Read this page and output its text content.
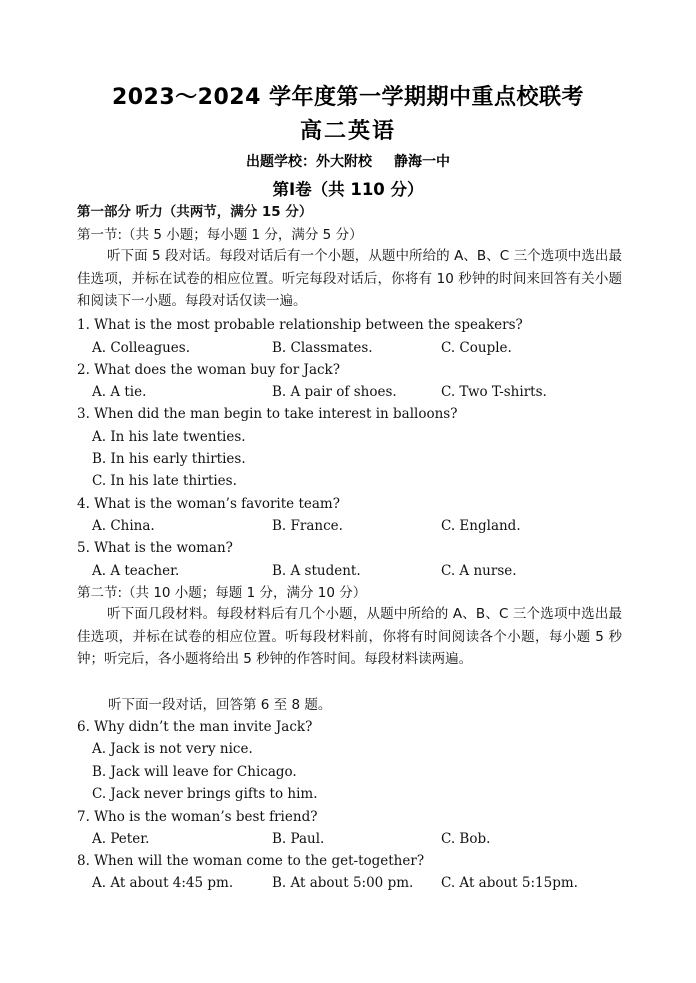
2023～2024 学年度第一学期期中重点校联考
高二英语
出题学校：外大附校 静海一中
第Ⅰ卷（共 110 分）
第一部分 听力（共两节，满分 15 分）
第一节:（共 5 小题；每小题 1 分，满分 5 分）
听下面 5 段对话。每段对话后有一个小题，从题中所给的 A、B、C 三个选项中选出最佳选项，并标在试卷的相应位置。听完每段对话后，你将有 10 秒钟的时间来回答有关小题和阅读下一小题。每段对话仅读一遍。
1. What is the most probable relationship between the speakers?
A. Colleagues.	B. Classmates.	C. Couple.
2. What does the woman buy for Jack?
A. A tie.	B. A pair of shoes.	C. Two T-shirts.
3. When did the man begin to take interest in balloons?
A. In his late twenties.
B. In his early thirties.
C. In his late thirties.
4. What is the woman’s favorite team?
A. China.	B. France.	C. England.
5. What is the woman?
A. A teacher.	B. A student.	C. A nurse.
第二节:（共 10 小题；每题 1 分，满分 10 分）
听下面几段材料。每段材料后有几个小题，从题中所给的 A、B、C 三个选项中选出最佳选项，并标在试卷的相应位置。听每段材料前，你将有时间阅读各个小题，每小题 5 秒钟；听完后，各小题将给出 5 秒钟的作答时间。每段材料读两遍。
听下面一段对话，回答第 6 至 8 题。
6. Why didn’t the man invite Jack?
A. Jack is not very nice.
B. Jack will leave for Chicago.
C. Jack never brings gifts to him.
7. Who is the woman’s best friend?
A. Peter.	B. Paul.	C. Bob.
8. When will the woman come to the get-together?
A. At about 4:45 pm.	B. At about 5:00 pm. C. At about 5:15pm.
